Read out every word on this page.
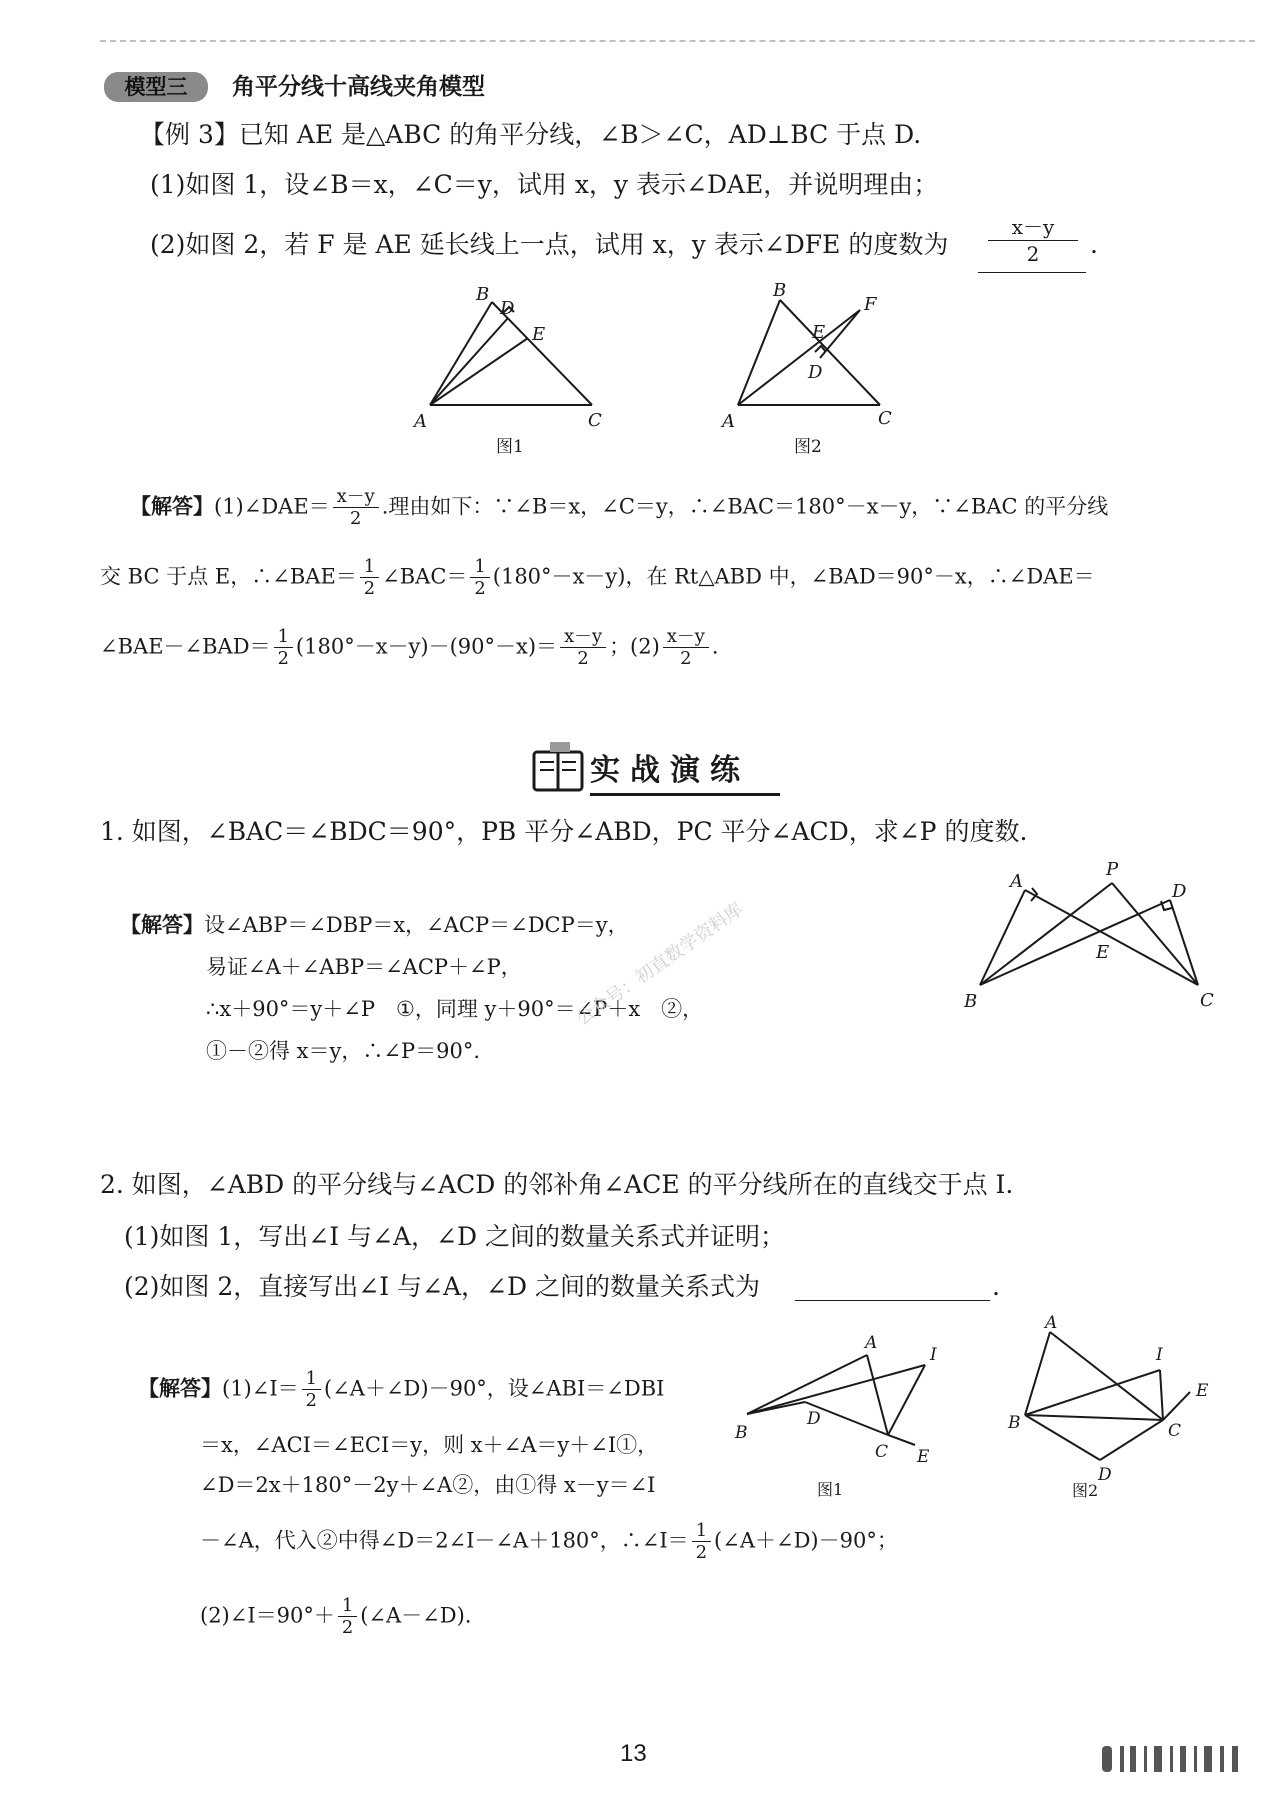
模型三	角平分线十高线夹角模型
【例 3】已知 AE 是△ABC 的角平分线，∠B＞∠C，AD⊥BC 于点 D.
(1)如图 1，设∠B＝x，∠C＝y，试用 x，y 表示∠DAE，并说明理由；
(2)如图 2，若 F 是 AE 延长线上一点，试用 x，y 表示∠DFE 的度数为 $\frac{x-y}{2}$ .
A
B
C
D
E
图1
A
B
C
D
E
F
图2
【解答】(1)∠DAE＝ $\frac{x-y}{2}$ .理由如下：∵∠B＝x，∠C＝y，∴∠BAC＝180°－x－y，∵∠BAC 的平分线
交 BC 于点 E，∴∠BAE＝ $\frac{1}{2}$ ∠BAC＝ $\frac{1}{2} (180^\circ-x-y)$，在 Rt△ABD 中，∠BAD＝90°－x，∴∠DAE＝
∠BAE－∠BAD＝ $\frac{1}{2} (180^\circ-x-y)-(90^\circ-x)= \frac{x-y}{2}$ ；$(2) \frac{x-y}{2}$ .
实战演练
1. 如图，∠BAC＝∠BDC＝90°，PB 平分∠ABD，PC 平分∠ACD，求∠P 的度数.
【解答】设∠ABP＝∠DBP＝x，∠ACP＝∠DCP＝y，
易证∠A＋∠ABP＝∠ACP＋∠P，
∴x＋90°＝y＋∠P　①，同理 y＋90°＝∠P＋x　②，
①－②得 x＝y，∴∠P＝90°.
公众号：初直数学资料库	B
A
P
D
C
E
2. 如图，∠ABD 的平分线与∠ACD 的邻补角∠ACE 的平分线所在的直线交于点 I.
(1)如图 1，写出∠I 与∠A，∠D 之间的数量关系式并证明；
(2)如图 2，直接写出∠I 与∠A，∠D 之间的数量关系式为	.
【解答】(1)∠I＝ $\frac{1}{2}$ (∠A＋∠D)－90°，设∠ABI＝∠DBI
＝x，∠ACI＝∠ECI＝y，则 x＋∠A＝y＋∠I①，
∠D＝2x＋180°－2y＋∠A②，由①得 x－y＝∠I
－∠A，代入②中得∠D＝2∠I－∠A＋180°，∴∠I＝ $\frac{1}{2}$ (∠A＋∠D)－90°；
(2)∠I＝90°＋ $\frac{1}{2}$ (∠A－∠D).
B
A
I
D
C E
图1
A
B
I
C
E
D
图2
13
